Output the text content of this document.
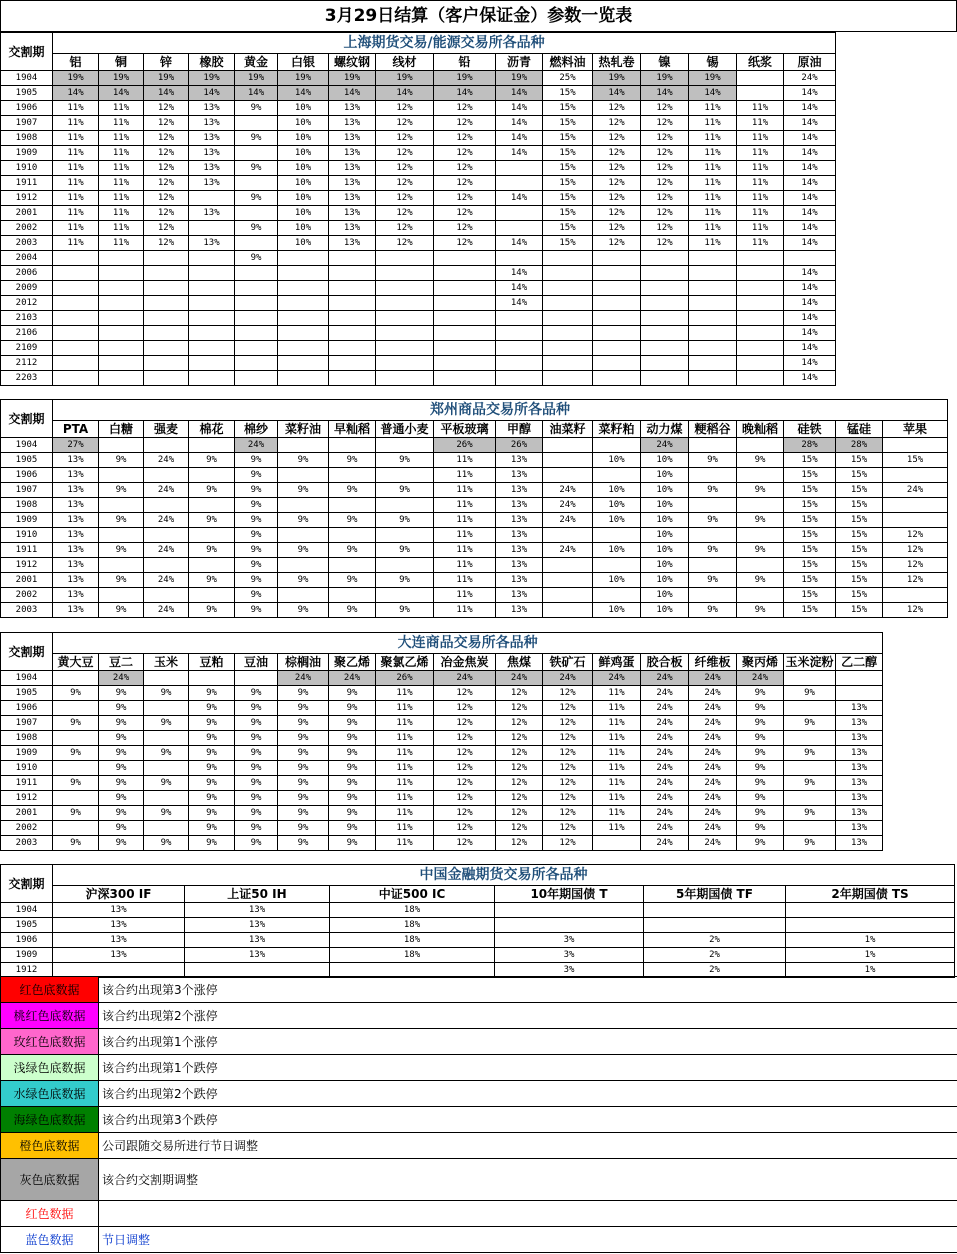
3月29日结算（客户保证金）参数一览表
交割期	上海期货交易/能源交易所各品种																
	铝	铜	锌	橡胶	黄金	白银	螺纹钢	线材	铅	沥青	燃料油	热轧卷	镍	锡	纸浆	原油	
1904	19%	19%	19%	19%	19%	19%	19%	19%	19%	19%	25%	19%	19%	19%		24%	
1905	14%	14%	14%	14%	14%	14%	14%	14%	14%	14%	15%	14%	14%	14%		14%	
1906	11%	11%	12%	13%	9%	10%	13%	12%	12%	14%	15%	12%	12%	11%	11%	14%	
1907	11%	11%	12%	13%		10%	13%	12%	12%	14%	15%	12%	12%	11%	11%	14%	
1908	11%	11%	12%	13%	9%	10%	13%	12%	12%	14%	15%	12%	12%	11%	11%	14%	
1909	11%	11%	12%	13%		10%	13%	12%	12%	14%	15%	12%	12%	11%	11%	14%	
1910	11%	11%	12%	13%	9%	10%	13%	12%	12%		15%	12%	12%	11%	11%	14%	
1911	11%	11%	12%	13%		10%	13%	12%	12%		15%	12%	12%	11%	11%	14%	
1912	11%	11%	12%		9%	10%	13%	12%	12%	14%	15%	12%	12%	11%	11%	14%	
2001	11%	11%	12%	13%		10%	13%	12%	12%		15%	12%	12%	11%	11%	14%	
2002	11%	11%	12%		9%	10%	13%	12%	12%		15%	12%	12%	11%	11%	14%	
2003	11%	11%	12%	13%		10%	13%	12%	12%	14%	15%	12%	12%	11%	11%	14%	
2004					9%												
2006										14%						14%	
2009										14%						14%	
2012										14%						14%	
2103																14%	
2106																14%	
2109																14%	
2112																14%	
2203																14%	
交割期	郑州商品交易所各品种																	
	PTA	白糖	强麦	棉花	棉纱	菜籽油	早籼稻	普通小麦	平板玻璃	甲醇	油菜籽	菜籽粕	动力煤	粳稻谷	晚籼稻	硅铁	锰硅	苹果
1904	27%				24%				26%	26%			24%			28%	28%	
1905	13%	9%	24%	9%	9%	9%	9%	9%	11%	13%		10%	10%	9%	9%	15%	15%	15%
1906	13%				9%				11%	13%			10%			15%	15%	
1907	13%	9%	24%	9%	9%	9%	9%	9%	11%	13%	24%	10%	10%	9%	9%	15%	15%	24%
1908	13%				9%				11%	13%	24%	10%	10%			15%	15%	
1909	13%	9%	24%	9%	9%	9%	9%	9%	11%	13%	24%	10%	10%	9%	9%	15%	15%	
1910	13%				9%				11%	13%			10%			15%	15%	12%
1911	13%	9%	24%	9%	9%	9%	9%	9%	11%	13%	24%	10%	10%	9%	9%	15%	15%	12%
1912	13%				9%				11%	13%			10%			15%	15%	12%
2001	13%	9%	24%	9%	9%	9%	9%	9%	11%	13%		10%	10%	9%	9%	15%	15%	12%
2002	13%				9%				11%	13%			10%			15%	15%	
2003	13%	9%	24%	9%	9%	9%	9%	9%	11%	13%		10%	10%	9%	9%	15%	15%	12%
交割期	大连商品交易所各品种																	
	黄大豆	豆二	玉米	豆粕	豆油	棕榈油	聚乙烯	聚氯乙烯	冶金焦炭	焦煤	铁矿石	鲜鸡蛋	胶合板	纤维板	聚丙烯	玉米淀粉	乙二醇	
1904		24%				24%	24%	26%	24%	24%	24%	24%	24%	24%	24%			
1905	9%	9%	9%	9%	9%	9%	9%	11%	12%	12%	12%	11%	24%	24%	9%	9%		
1906		9%		9%	9%	9%	9%	11%	12%	12%	12%	11%	24%	24%	9%		13%	
1907	9%	9%	9%	9%	9%	9%	9%	11%	12%	12%	12%	11%	24%	24%	9%	9%	13%	
1908		9%		9%	9%	9%	9%	11%	12%	12%	12%	11%	24%	24%	9%		13%	
1909	9%	9%	9%	9%	9%	9%	9%	11%	12%	12%	12%	11%	24%	24%	9%	9%	13%	
1910		9%		9%	9%	9%	9%	11%	12%	12%	12%	11%	24%	24%	9%		13%	
1911	9%	9%	9%	9%	9%	9%	9%	11%	12%	12%	12%	11%	24%	24%	9%	9%	13%	
1912		9%		9%	9%	9%	9%	11%	12%	12%	12%	11%	24%	24%	9%		13%	
2001	9%	9%	9%	9%	9%	9%	9%	11%	12%	12%	12%	11%	24%	24%	9%	9%	13%	
2002		9%		9%	9%	9%	9%	11%	12%	12%	12%	11%	24%	24%	9%		13%	
2003	9%	9%	9%	9%	9%	9%	9%	11%	12%	12%	12%		24%	24%	9%	9%	13%	
交割期	中国金融期货交易所各品种					
	沪深300 IF	上证50 IH	中证500 IC	10年期国债 T	5年期国债 TF	2年期国债 TS
1904	13%	13%	18%			
1905	13%	13%	18%			
1906	13%	13%	18%	3%	2%	1%
1909	13%	13%	18%	3%	2%	1%
1912				3%	2%	1%
红色底数据	该合约出现第3个涨停
桃红色底数据	该合约出现第2个涨停
玫红色底数据	该合约出现第1个涨停
浅绿色底数据	该合约出现第1个跌停
水绿色底数据	该合约出现第2个跌停
海绿色底数据	该合约出现第3个跌停
橙色底数据	公司跟随交易所进行节日调整
灰色底数据	该合约交割期调整
红色数据	
蓝色数据	节日调整
